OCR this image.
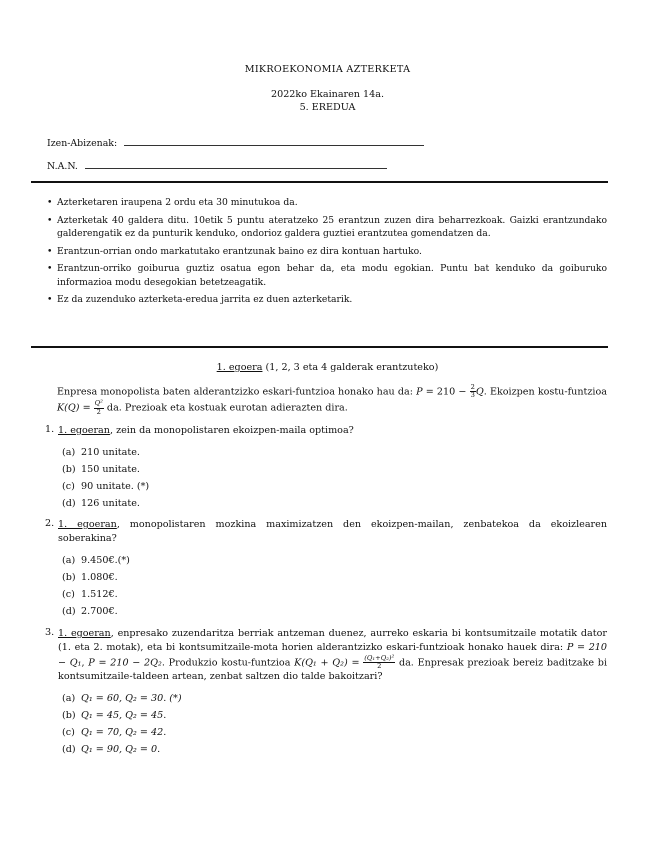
MIKROEKONOMIA AZTERKETA
2022ko Ekainaren 14a.
5. EREDUA
Izen-Abizenak:
N.A.N.
• Azterketaren iraupena 2 ordu eta 30 minutukoa da.
• Azterketak 40 galdera ditu. 10etik 5 puntu ateratzeko 25 erantzun zuzen dira beharrezkoak. Gaizki erantzundako galderengatik ez da punturik kenduko, ondorioz galdera guztiei erantzutea gomendatzen da.
• Erantzun-orrian ondo markatutako erantzunak baino ez dira kontuan hartuko.
• Erantzun-orriko goiburua guztiz osatua egon behar da, eta modu egokian. Puntu bat kenduko da goiburuko informazioa modu desegokian betetzeagatik.
• Ez da zuzenduko azterketa-eredua jarrita ez duen azterketarik.
1. egoera (1, 2, 3 eta 4 galderak erantzuteko)
Enpresa monopolista baten alderantzizko eskari-funtzioa honako hau da: $P = 210 - \frac{2}{3} Q$. Ekoizpen kostu-funtzioa $K(Q) = \frac{\text{Q²}}{2}$ da. Prezioak eta kostuak eurotan adierazten dira.
1. 1. egoeran, zein da monopolistaren ekoizpen-maila optimoa?
(a) 210 unitate.
(b) 150 unitate.
(c) 90 unitate. (*)
(d) 126 unitate.
2. 1. egoeran, monopolistaren mozkina maximizatzen den ekoizpen-mailan, zenbatekoa da ekoizlearen soberakina?
(a) 9.450€.(*)
(b) 1.080€.
(c) 1.512€.
(d) 2.700€.
3. 1. egoeran, enpresako zuzendaritza berriak antzeman duenez, aurreko eskaria bi kontsumitzaile motatik dator (1. eta 2. motak), eta bi kontsumitzaile-mota horien alderantzizko eskari-funtzioak honako hauek dira: P = 210 − Q₁, P = 210 − 2Q₂. Produkzio kostu-funtzioa $K(Q_1 + Q_2) = \frac{\text{(Q₁+Q₂)²}}{2}$ da. Enpresak prezioak bereiz baditzake bi kontsumitzaile-taldeen artean, zenbat saltzen dio talde bakoitzari?
(a) Q₁ = 60, Q₂ = 30. (*)
(b) Q₁ = 45, Q₂ = 45.
(c) Q₁ = 70, Q₂ = 42.
(d) Q₁ = 90, Q₂ = 0.
